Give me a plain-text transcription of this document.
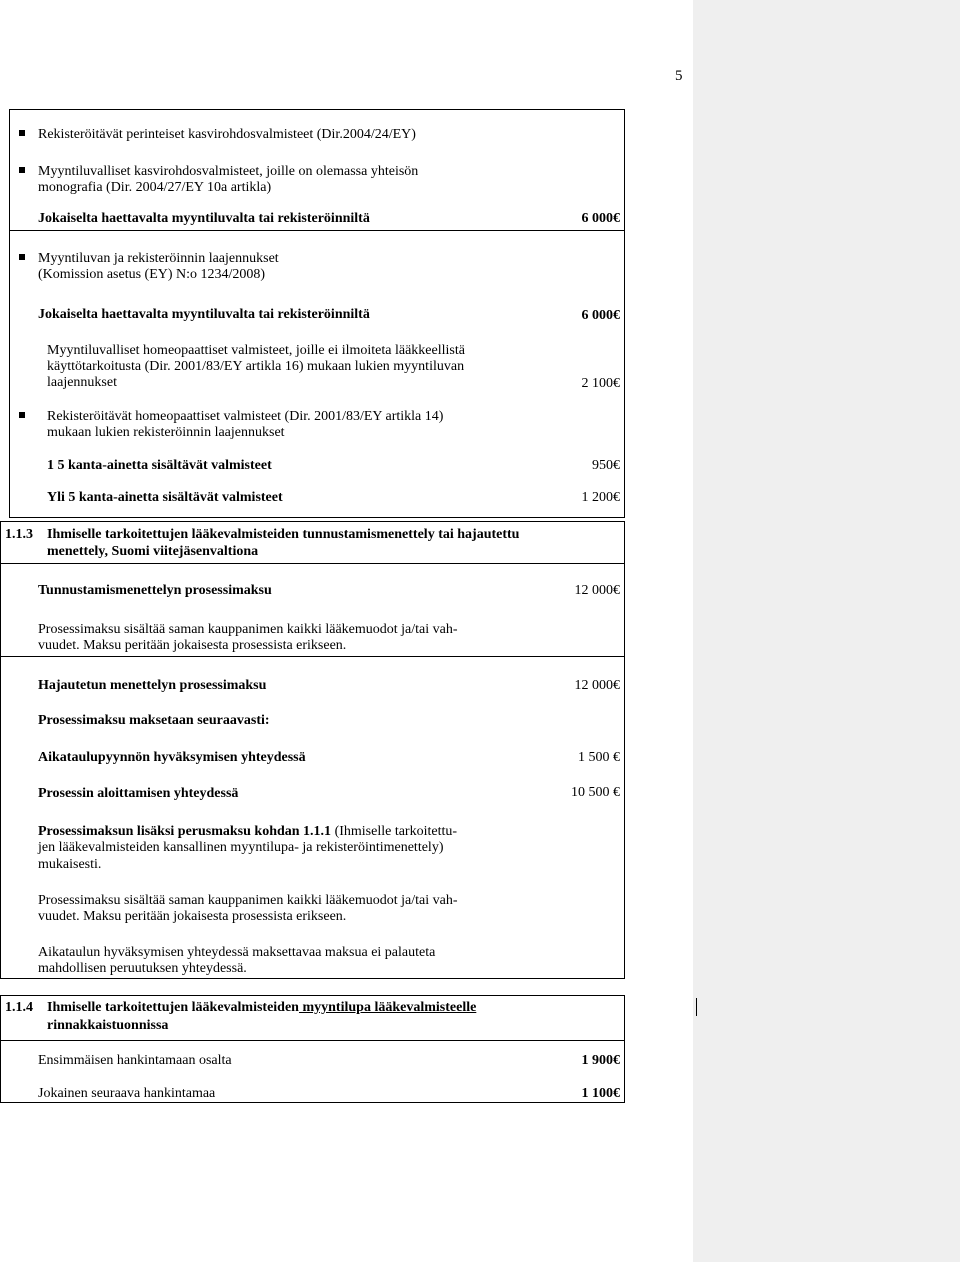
5
Rekisteröitävät perinteiset kasvirohdosvalmisteet (Dir.2004/24/EY)
Myyntiluvalliset kasvirohdosvalmisteet, joille on olemassa yhteisön
monografia (Dir. 2004/27/EY 10a artikla)
Jokaiselta haettavalta myyntiluvalta tai rekisteröinniltä	6 000€
Myyntiluvan ja rekisteröinnin laajennukset
(Komission asetus (EY) N:o 1234/2008)
Jokaiselta haettavalta myyntiluvalta tai rekisteröinniltä	6 000€
Myyntiluvalliset homeopaattiset valmisteet, joille ei ilmoiteta lääkkeellistä
käyttötarkoitusta (Dir. 2001/83/EY artikla 16) mukaan lukien myyntiluvan
laajennukset	2 100€
Rekisteröitävät homeopaattiset valmisteet (Dir. 2001/83/EY artikla 14)
mukaan lukien rekisteröinnin laajennukset
1 5 kanta-ainetta sisältävät valmisteet	950€
Yli 5 kanta-ainetta sisältävät valmisteet	1 200€
1.1.3 Ihmiselle tarkoitettujen lääkevalmisteiden tunnustamismenettely tai hajautettu
menettely, Suomi viitejäsenvaltiona
Tunnustamismenettelyn prosessimaksu	12 000€
Prosessimaksu sisältää saman kauppanimen kaikki lääkemuodot ja/tai vah-
vuudet. Maksu peritään jokaisesta prosessista erikseen.
Hajautetun menettelyn prosessimaksu	12 000€
Prosessimaksu maksetaan seuraavasti:
Aikataulupyynnön hyväksymisen yhteydessä	1 500 €
Prosessin aloittamisen yhteydessä	10 500 €
Prosessimaksun lisäksi perusmaksu kohdan 1.1.1 (Ihmiselle tarkoitettu-
jen lääkevalmisteiden kansallinen myyntilupa- ja rekisteröintimenettely)
mukaisesti.
Prosessimaksu sisältää saman kauppanimen kaikki lääkemuodot ja/tai vah-
vuudet. Maksu peritään jokaisesta prosessista erikseen.
Aikataulun hyväksymisen yhteydessä maksettavaa maksua ei palauteta
mahdollisen peruutuksen yhteydessä.
1.1.4 Ihmiselle tarkoitettujen lääkevalmisteiden myyntilupa lääkevalmisteelle
rinnakkaistuonnissa
Ensimmäisen hankintamaan osalta	1 900€
Jokainen seuraava hankintamaa	1 100€
